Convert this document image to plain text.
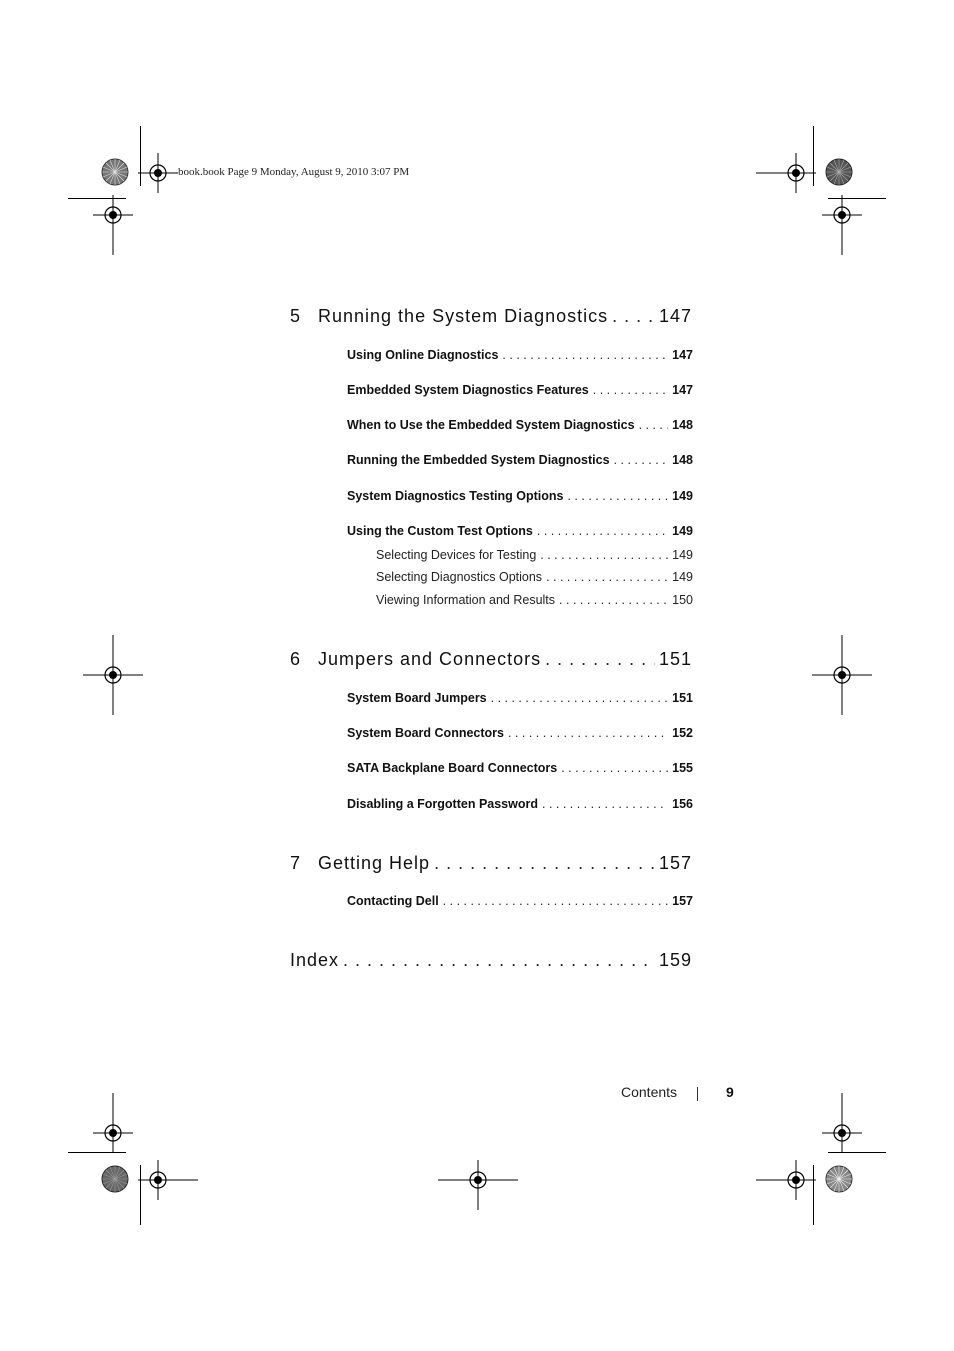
book.book Page 9 Monday, August 9, 2010 3:07 PM
5 Running the System Diagnostics . . .	147
Using Online Diagnostics . . .	147
Embedded System Diagnostics Features . . .	147
When to Use the Embedded System Diagnostics . . .	148
Running the Embedded System Diagnostics . . .	148
System Diagnostics Testing Options . . .	149
Using the Custom Test Options . . .	149
Selecting Devices for Testing . . .	149
Selecting Diagnostics Options . . .	149
Viewing Information and Results . . .	150
6 Jumpers and Connectors . . .	151
System Board Jumpers . . .	151
System Board Connectors . . .	152
SATA Backplane Board Connectors . . .	155
Disabling a Forgotten Password . . .	156
7 Getting Help . . .	157
Contacting Dell . . .	157
Index . . .	159
Contents	9
